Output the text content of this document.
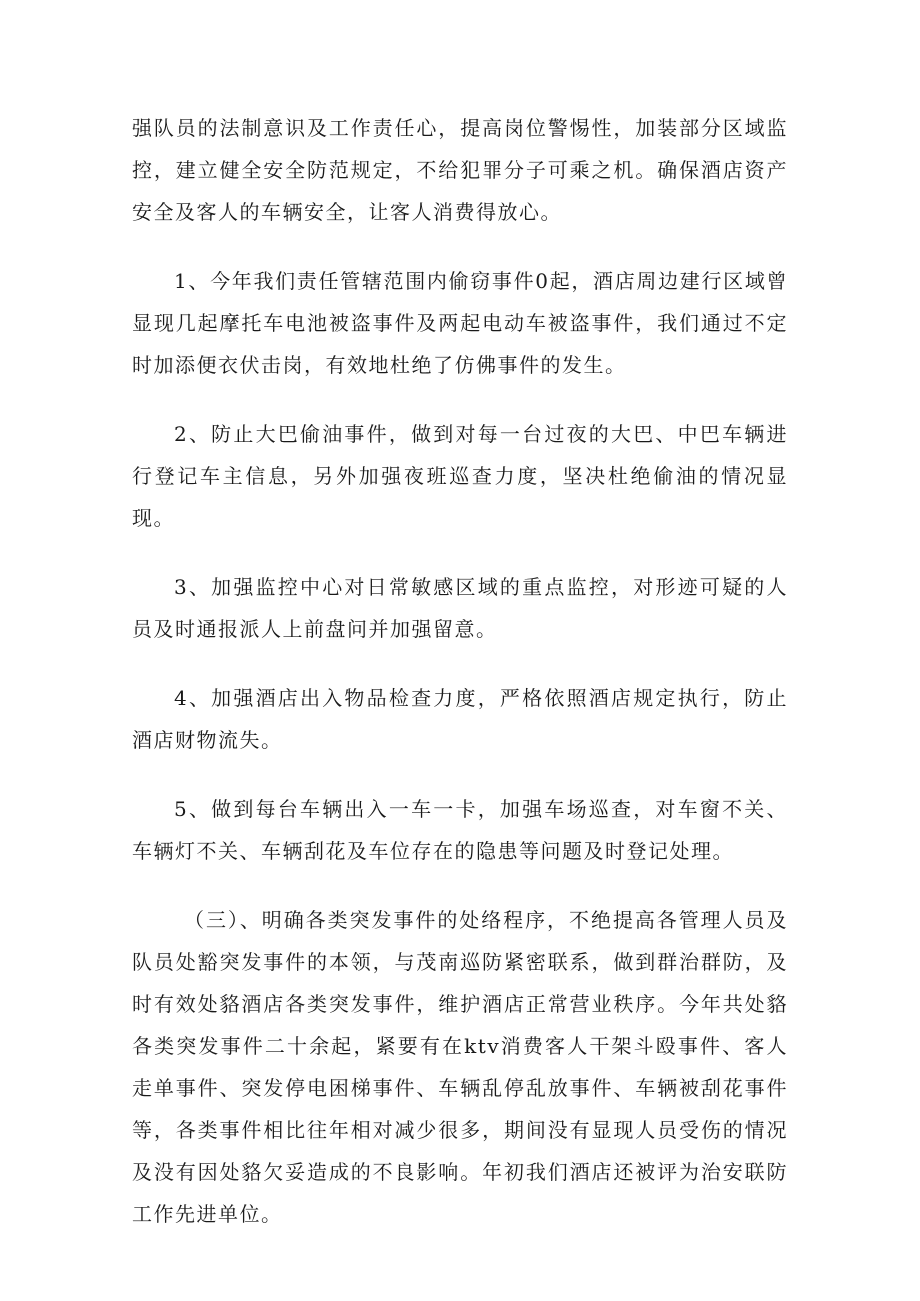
强队员的法制意识及工作责任心，提高岗位警惕性，加装部分区域监控，建立健全安全防范规定，不给犯罪分子可乘之机。确保酒店资产安全及客人的车辆安全，让客人消费得放心。

1、今年我们责任管辖范围内偷窃事件0起，酒店周边建行区域曾显现几起摩托车电池被盗事件及两起电动车被盗事件，我们通过不定时加添便衣伏击岗，有效地杜绝了仿佛事件的发生。

2、防止大巴偷油事件，做到对每一台过夜的大巴、中巴车辆进行登记车主信息，另外加强夜班巡查力度，坚决杜绝偷油的情况显现。

3、加强监控中心对日常敏感区域的重点监控，对形迹可疑的人员及时通报派人上前盘问并加强留意。

4、加强酒店出入物品检查力度，严格依照酒店规定执行，防止酒店财物流失。

5、做到每台车辆出入一车一卡，加强车场巡查，对车窗不关、车辆灯不关、车辆刮花及车位存在的隐患等问题及时登记处理。

（三）、明确各类突发事件的处络程序，不绝提高各管理人员及队员处豁突发事件的本领，与茂南巡防紧密联系，做到群治群防，及时有效处貉酒店各类突发事件，维护酒店正常营业秩序。今年共处貉各类突发事件二十余起，紧要有在ktv消费客人干架斗殴事件、客人走单事件、突发停电困梯事件、车辆乱停乱放事件、车辆被刮花事件等，各类事件相比往年相对减少很多，期间没有显现人员受伤的情况及没有因处貉欠妥造成的不良影响。年初我们酒店还被评为治安联防工作先进单位。
